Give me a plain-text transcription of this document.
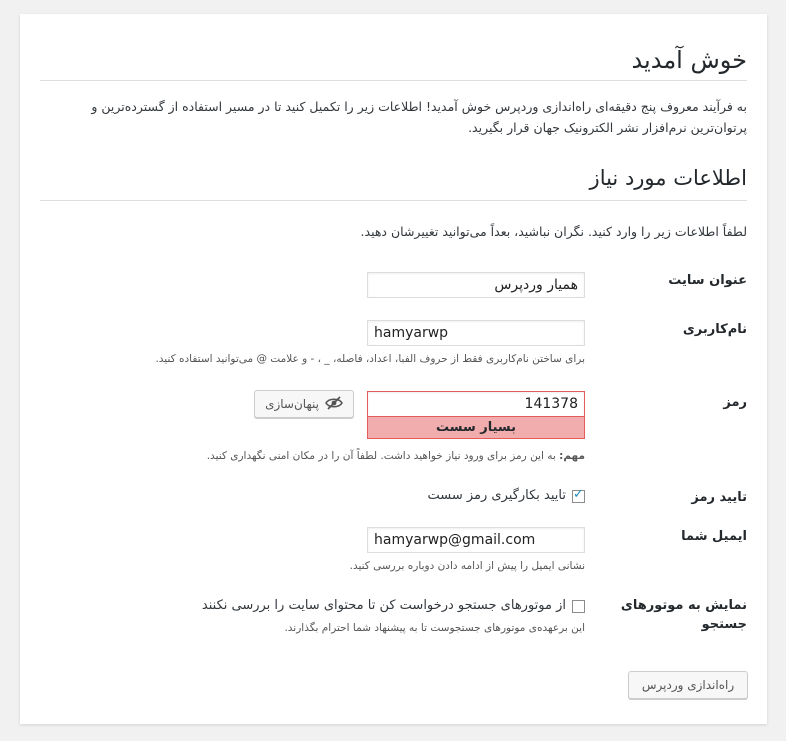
خوش آمدید
به فرآیند معروف پنج دقیقه‌ای راه‌اندازی وردپرس خوش آمدید! اطلاعات زیر را تکمیل کنید تا در مسیر استفاده از گسترده‌ترین و پرتوان‌ترین نرم‌افزار نشر الکترونیک جهان قرار بگیرید.
اطلاعات مورد نیاز
لطفاً اطلاعات زیر را وارد کنید. نگران نباشید، بعداً می‌توانید تغییرشان دهید.
عنوان سایت
همیار وردپرس
نام‌کاربری
hamyarwp
برای ساختن نام‌کاربری فقط از حروف الفبا، اعداد، فاصله، _ ، - و علامت @ می‌توانید استفاده کنید.
رمز
141378
بسیار سست
پنهان‌سازی
مهم: به این رمز برای ورود نیاز خواهید داشت. لطفاً آن را در مکان امنی نگهداری کنید.
تایید رمز
✓
تایید بکارگیری رمز سست
ایمیل شما
hamyarwp@gmail.com
نشانی ایمیل را پیش از ادامه دادن دوباره بررسی کنید.
نمایش به موتورهای جستجو
از موتورهای جستجو درخواست کن تا محتوای سایت را بررسی نکنند
این برعهده‌ی موتورهای جستجوست تا به پیشنهاد شما احترام بگذارند.
راه‌اندازی وردپرس
